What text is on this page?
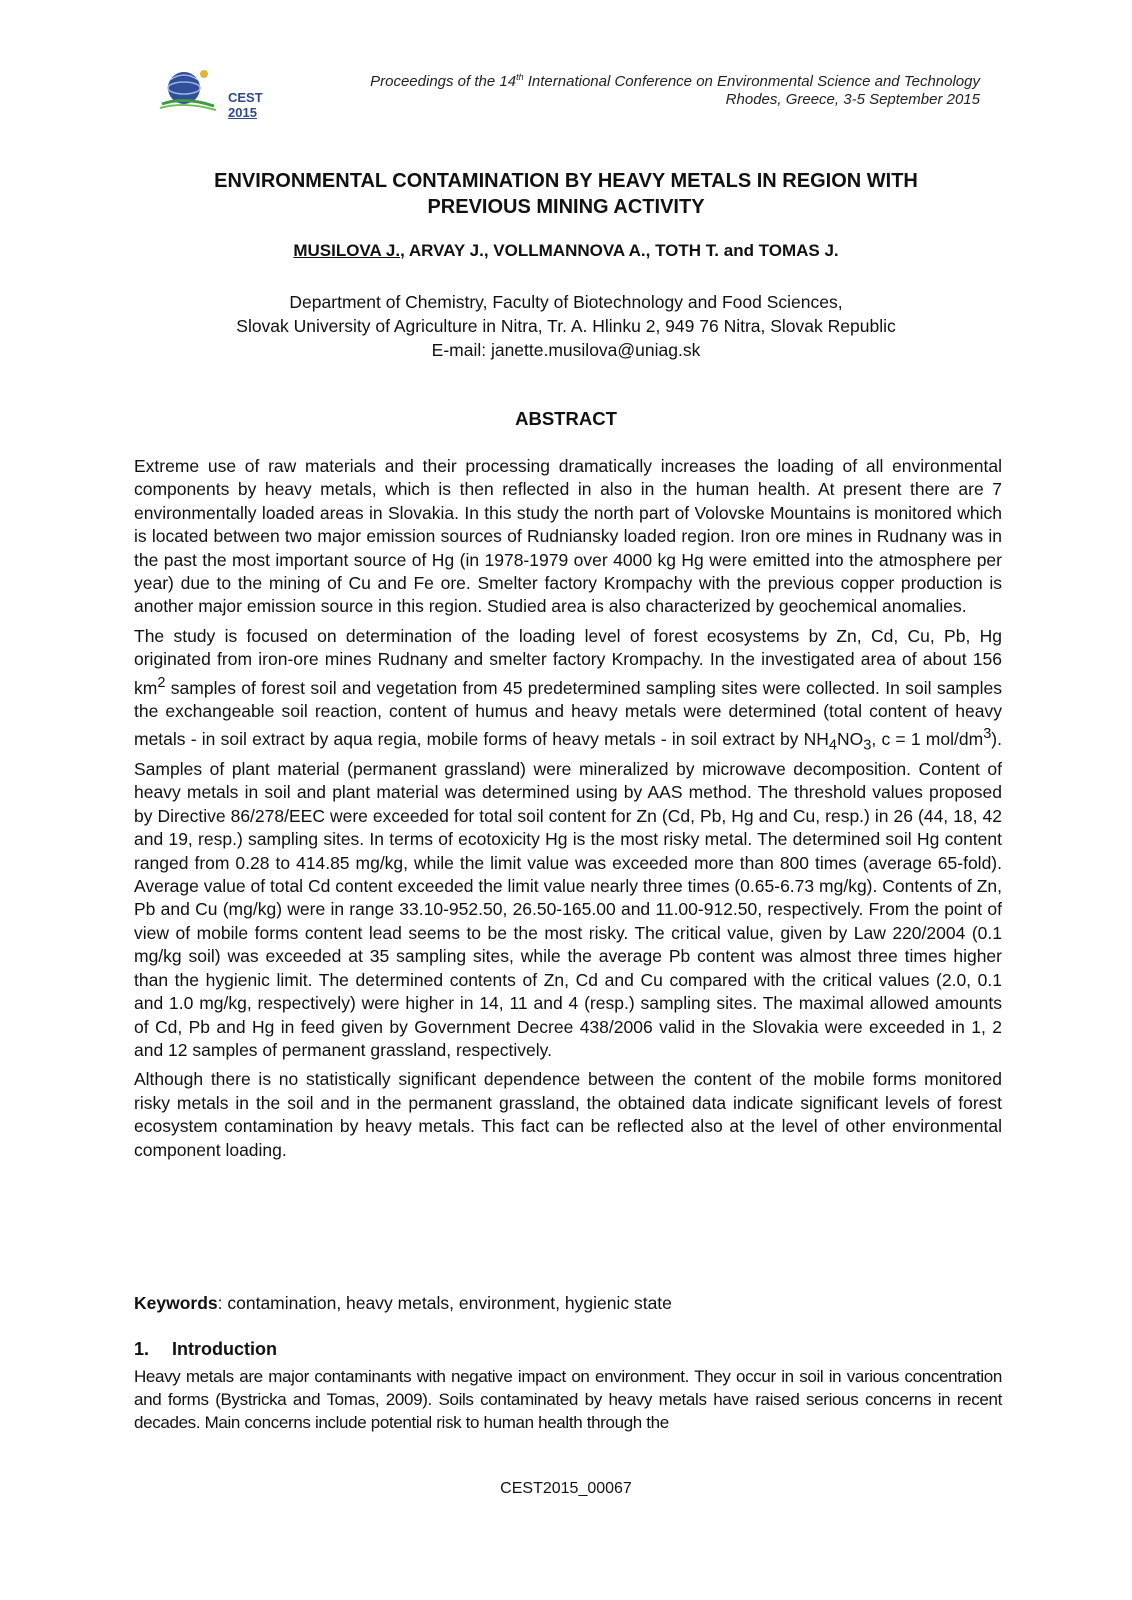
CEST 2015
Proceedings of the 14th International Conference on Environmental Science and Technology
Rhodes, Greece, 3-5 September 2015
ENVIRONMENTAL CONTAMINATION BY HEAVY METALS IN REGION WITH
PREVIOUS MINING ACTIVITY
MUSILOVA J., ARVAY J., VOLLMANNOVA A., TOTH T. and TOMAS J.
Department of Chemistry, Faculty of Biotechnology and Food Sciences,
Slovak University of Agriculture in Nitra, Tr. A. Hlinku 2, 949 76 Nitra, Slovak Republic
E-mail: janette.musilova@uniag.sk
ABSTRACT

Extreme use of raw materials and their processing dramatically increases the loading of all environmental components by heavy metals, which is then reflected in also in the human health. At present there are 7 environmentally loaded areas in Slovakia. In this study the north part of Volovske Mountains is monitored which is located between two major emission sources of Rudniansky loaded region. Iron ore mines in Rudnany was in the past the most important source of Hg (in 1978-1979 over 4000 kg Hg were emitted into the atmosphere per year) due to the mining of Cu and Fe ore. Smelter factory Krompachy with the previous copper production is another major emission source in this region. Studied area is also characterized by geochemical anomalies.

The study is focused on determination of the loading level of forest ecosystems by Zn, Cd, Cu, Pb, Hg originated from iron-ore mines Rudnany and smelter factory Krompachy. In the investigated area of about 156 $km^2$ samples of forest soil and vegetation from 45 predetermined sampling sites were collected. In soil samples the exchangeable soil reaction, content of humus and heavy metals were determined (total content of heavy metals - in soil extract by aqua regia, mobile forms of heavy metals - in soil extract by $NH_4NO_3$, c = 1 mol/$dm^3$). Samples of plant material (permanent grassland) were mineralized by microwave decomposition. Content of heavy metals in soil and plant material was determined using by AAS method. The threshold values proposed by Directive 86/278/EEC were exceeded for total soil content for Zn (Cd, Pb, Hg and Cu, resp.) in 26 (44, 18, 42 and 19, resp.) sampling sites. In terms of ecotoxicity Hg is the most risky metal. The determined soil Hg content ranged from 0.28 to 414.85 mg/kg, while the limit value was exceeded more than 800 times (average 65-fold). Average value of total Cd content exceeded the limit value nearly three times (0.65-6.73 mg/kg). Contents of Zn, Pb and Cu (mg/kg) were in range 33.10-952.50, 26.50-165.00 and 11.00-912.50, respectively. From the point of view of mobile forms content lead seems to be the most risky. The critical value, given by Law 220/2004 (0.1 mg/kg soil) was exceeded at 35 sampling sites, while the average Pb content was almost three times higher than the hygienic limit. The determined contents of Zn, Cd and Cu compared with the critical values (2.0, 0.1 and 1.0 mg/kg, respectively) were higher in 14, 11 and 4 (resp.) sampling sites. The maximal allowed amounts of Cd, Pb and Hg in feed given by Government Decree 438/2006 valid in the Slovakia were exceeded in 1, 2 and 12 samples of permanent grassland, respectively.

Although there is no statistically significant dependence between the content of the mobile forms monitored risky metals in the soil and in the permanent grassland, the obtained data indicate significant levels of forest ecosystem contamination by heavy metals. This fact can be reflected also at the level of other environmental component loading.

Keywords: contamination, heavy metals, environment, hygienic state
1. Introduction

Heavy metals are major contaminants with negative impact on environment. They occur in soil in various concentration and forms (Bystricka and Tomas, 2009). Soils contaminated by heavy metals have raised serious concerns in recent decades. Main concerns include potential risk to human health through the

CEST2015_00067
